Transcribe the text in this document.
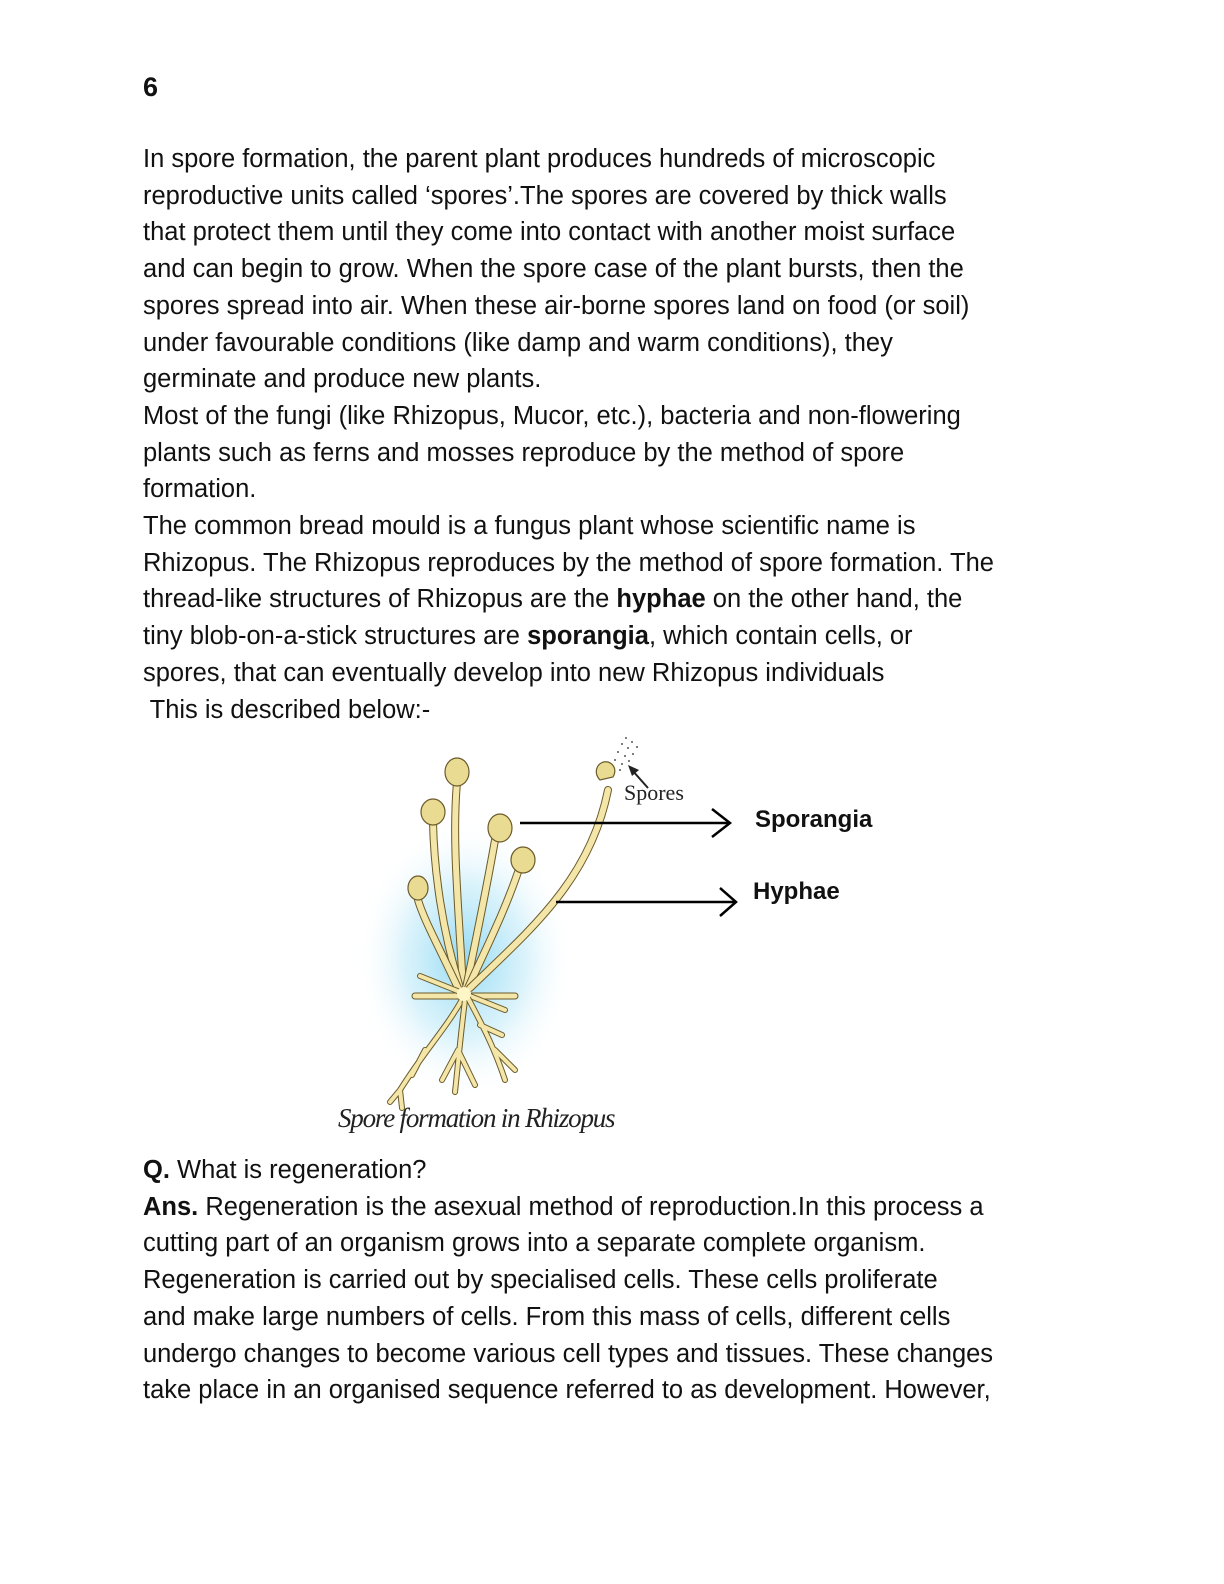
6
In spore formation, the parent plant produces hundreds of microscopic
reproductive units called ‘spores’.The spores are covered by thick walls
that protect them until they come into contact with another moist surface
and can begin to grow. When the spore case of the plant bursts, then the
spores spread into air. When these air-borne spores land on food (or soil)
under favourable conditions (like damp and warm conditions), they
germinate and produce new plants.
Most of the fungi (like Rhizopus, Mucor, etc.), bacteria and non-flowering
plants such as ferns and mosses reproduce by the method of spore
formation.
The common bread mould is a fungus plant whose scientific name is
Rhizopus. The Rhizopus reproduces by the method of spore formation. The
thread-like structures of Rhizopus are the hyphae on the other hand, the
tiny blob-on-a-stick structures are sporangia, which contain cells, or
spores, that can eventually develop into new Rhizopus individuals
This is described below:-
Spores
Sporangia
Hyphae
Spore formation in Rhizopus
Q. What is regeneration?
Ans. Regeneration is the asexual method of reproduction.In this process a
cutting part of an organism grows into a separate complete organism.
Regeneration is carried out by specialised cells. These cells proliferate
and make large numbers of cells. From this mass of cells, different cells
undergo changes to become various cell types and tissues. These changes
take place in an organised sequence referred to as development. However,
